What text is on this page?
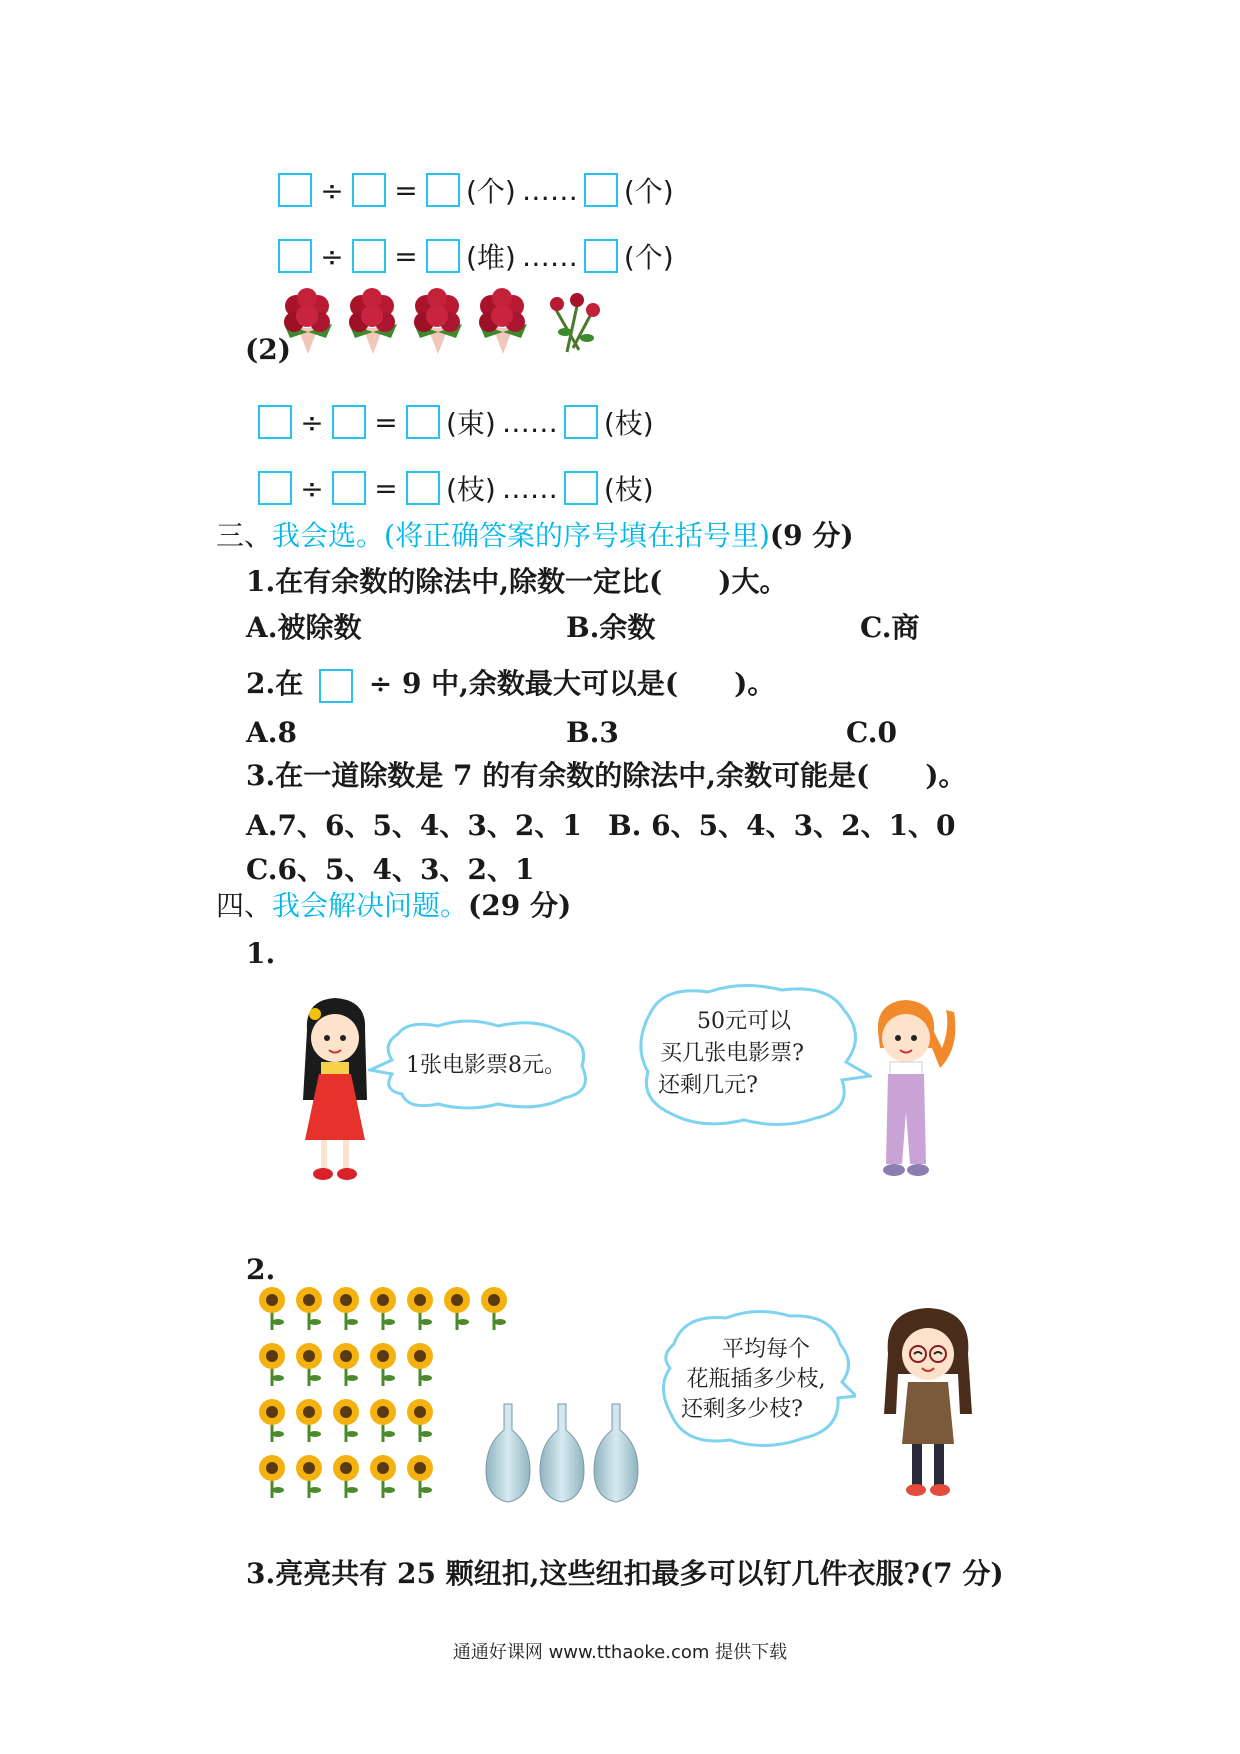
÷ = (个) …… (个)
÷ = (堆) …… (个)
(2)
÷ = (束) …… (枝)
÷ = (枝) …… (枝)
三、我会选。(将正确答案的序号填在括号里)(9 分)
1.在有余数的除法中,除数一定比(　　)大。
A.被除数	B.余数	C.商
2.在 ÷ 9 中,余数最大可以是(　　)。
A.8	B.3	C.0
3.在一道除数是 7 的有余数的除法中,余数可能是(　　)。
A.7、6、5、4、3、2、1 B. 6、5、4、3、2、1、0
C.6、5、4、3、2、1
四、我会解决问题。(29 分)
1.
1张电影票8元。
50元可以
买几张电影票?
还剩几元?
2.
平均每个
花瓶插多少枝,
还剩多少枝?
3.亮亮共有 25 颗纽扣,这些纽扣最多可以钉几件衣服?(7 分)
通通好课网 www.tthaoke.com 提供下载
